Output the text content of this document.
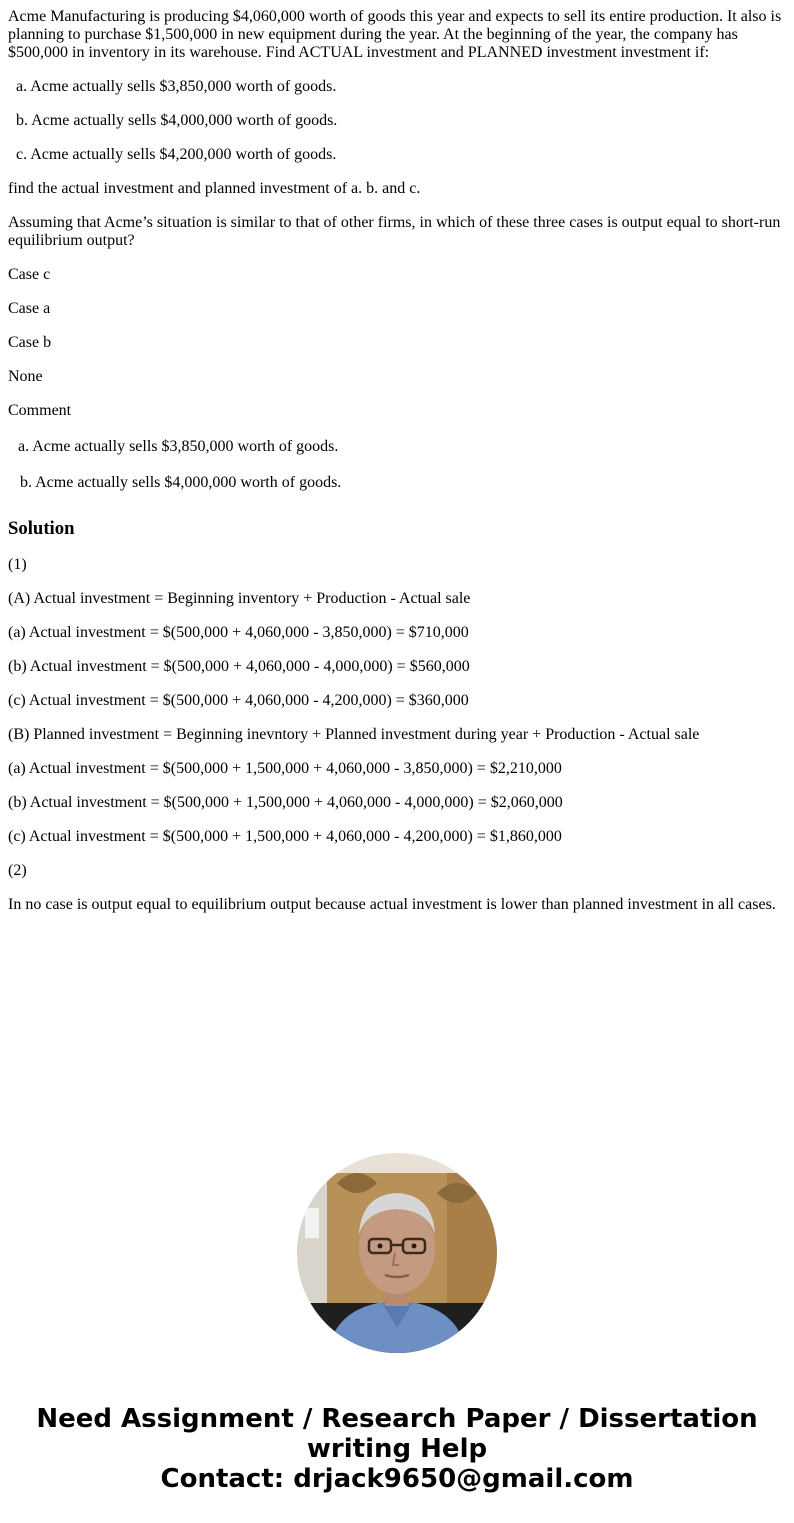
Acme Manufacturing is producing $4,060,000 worth of goods this year and expects to sell its entire production. It also is planning to purchase $1,500,000 in new equipment during the year. At the beginning of the year, the company has $500,000 in inventory in its warehouse. Find ACTUAL investment and PLANNED investment investment if:

a. Acme actually sells $3,850,000 worth of goods.

b. Acme actually sells $4,000,000 worth of goods.

c. Acme actually sells $4,200,000 worth of goods.

find the actual investment and planned investment of a. b. and c.

Assuming that Acme’s situation is similar to that of other firms, in which of these three cases is output equal to short-run equilibrium output?

Case c

Case a

Case b

None

Comment

a. Acme actually sells $3,850,000 worth of goods.

b. Acme actually sells $4,000,000 worth of goods.

Solution

(1)

(A) Actual investment = Beginning inventory + Production - Actual sale

(a) Actual investment = $(500,000 + 4,060,000 - 3,850,000) = $710,000

(b) Actual investment = $(500,000 + 4,060,000 - 4,000,000) = $560,000

(c) Actual investment = $(500,000 + 4,060,000 - 4,200,000) = $360,000

(B) Planned investment = Beginning inevntory + Planned investment during year + Production - Actual sale

(a) Actual investment = $(500,000 + 1,500,000 + 4,060,000 - 3,850,000) = $2,210,000

(b) Actual investment = $(500,000 + 1,500,000 + 4,060,000 - 4,000,000) = $2,060,000

(c) Actual investment = $(500,000 + 1,500,000 + 4,060,000 - 4,200,000) = $1,860,000

(2)

In no case is output equal to equilibrium output because actual investment is lower than planned investment in all cases.

Need Assignment / Research Paper / Dissertation
writing Help
Contact: drjack9650@gmail.com
